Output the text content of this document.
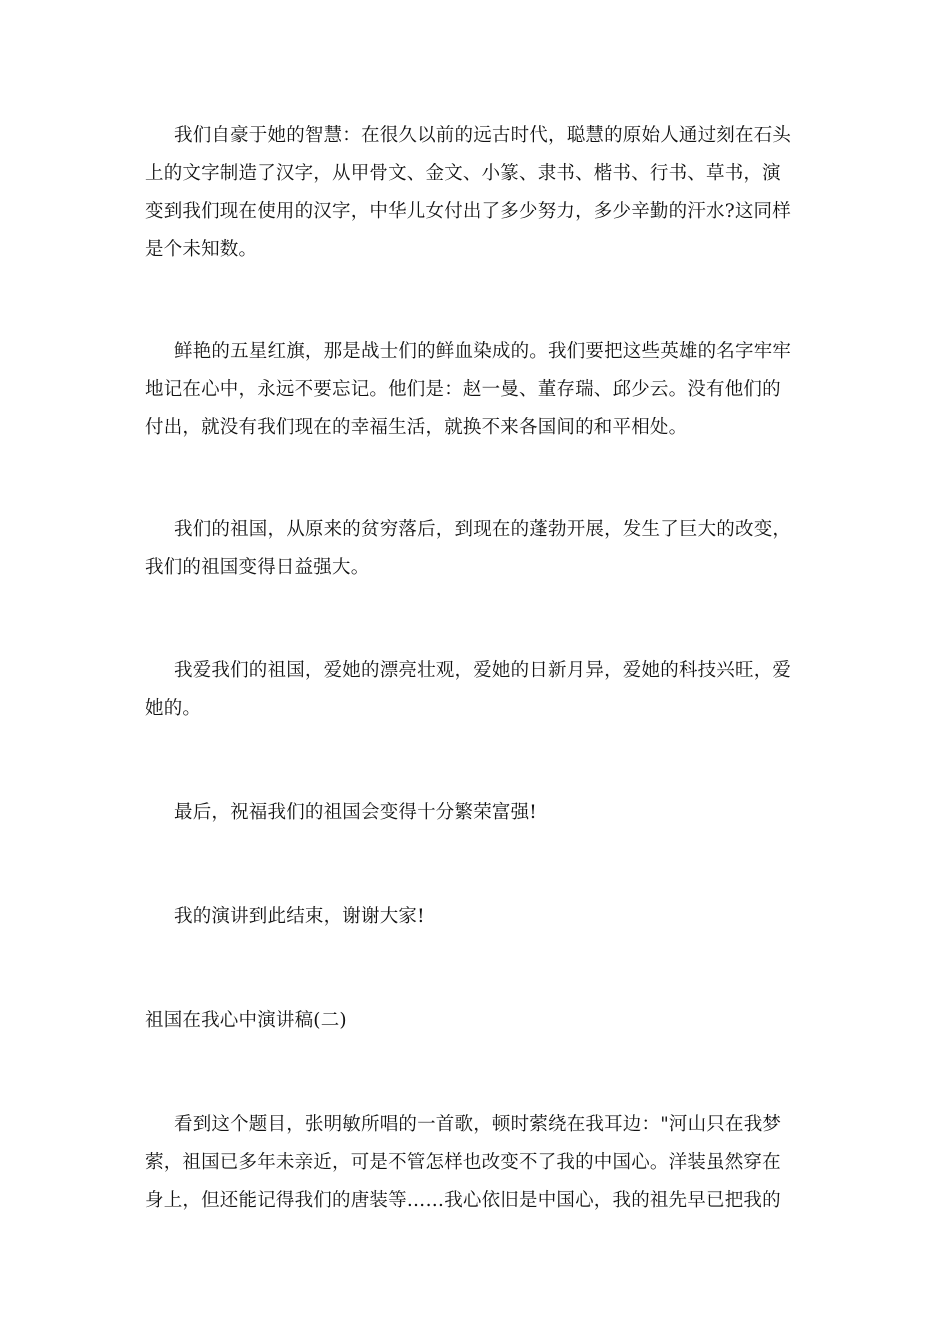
我们自豪于她的智慧：在很久以前的远古时代，聪慧的原始人通过刻在石头
上的文字制造了汉字，从甲骨文、金文、小篆、隶书、楷书、行书、草书，演
变到我们现在使用的汉字，中华儿女付出了多少努力，多少辛勤的汗水?这同样
是个未知数。

鲜艳的五星红旗，那是战士们的鲜血染成的。我们要把这些英雄的名字牢牢
地记在心中，永远不要忘记。他们是：赵一曼、董存瑞、邱少云。没有他们的
付出，就没有我们现在的幸福生活，就换不来各国间的和平相处。

我们的祖国，从原来的贫穷落后，到现在的蓬勃开展，发生了巨大的改变，
我们的祖国变得日益强大。

我爱我们的祖国，爱她的漂亮壮观，爱她的日新月异，爱她的科技兴旺，爱
她的。

最后，祝福我们的祖国会变得十分繁荣富强!

我的演讲到此结束，谢谢大家!

祖国在我心中演讲稿(二)

看到这个题目，张明敏所唱的一首歌，顿时萦绕在我耳边："河山只在我梦
萦，祖国已多年未亲近，可是不管怎样也改变不了我的中国心。洋装虽然穿在
身上，但还能记得我们的唐装等……我心依旧是中国心，我的祖先早已把我的
